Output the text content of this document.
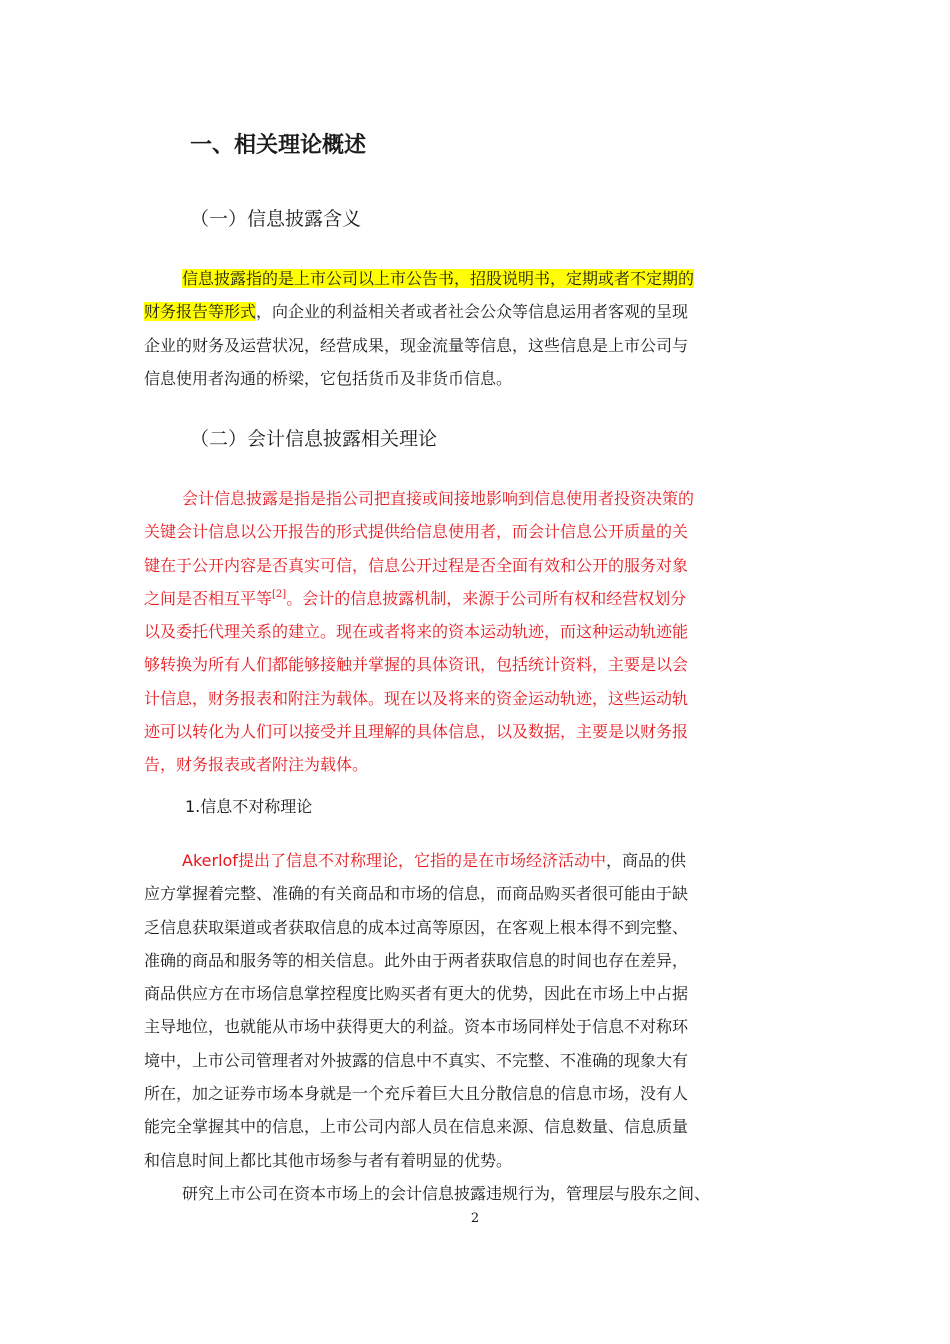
一、相关理论概述
（一）信息披露含义
信息披露指的是上市公司以上市公告书，招股说明书，定期或者不定期的
财务报告等形式，向企业的利益相关者或者社会公众等信息运用者客观的呈现
企业的财务及运营状况，经营成果，现金流量等信息，这些信息是上市公司与
信息使用者沟通的桥梁，它包括货币及非货币信息。
（二）会计信息披露相关理论
会计信息披露是指是指公司把直接或间接地影响到信息使用者投资决策的
关键会计信息以公开报告的形式提供给信息使用者，而会计信息公开质量的关
键在于公开内容是否真实可信，信息公开过程是否全面有效和公开的服务对象
之间是否相互平等[2]。会计的信息披露机制，来源于公司所有权和经营权划分
以及委托代理关系的建立。现在或者将来的资本运动轨迹，而这种运动轨迹能
够转换为所有人们都能够接触并掌握的具体资讯，包括统计资料，主要是以会
计信息，财务报表和附注为载体。现在以及将来的资金运动轨迹，这些运动轨
迹可以转化为人们可以接受并且理解的具体信息，以及数据，主要是以财务报
告，财务报表或者附注为载体。
1.信息不对称理论
Akerlof提出了信息不对称理论，它指的是在市场经济活动中，商品的供
应方掌握着完整、准确的有关商品和市场的信息，而商品购买者很可能由于缺
乏信息获取渠道或者获取信息的成本过高等原因，在客观上根本得不到完整、
准确的商品和服务等的相关信息。此外由于两者获取信息的时间也存在差异，
商品供应方在市场信息掌控程度比购买者有更大的优势，因此在市场上中占据
主导地位，也就能从市场中获得更大的利益。资本市场同样处于信息不对称环
境中，上市公司管理者对外披露的信息中不真实、不完整、不准确的现象大有
所在，加之证券市场本身就是一个充斥着巨大且分散信息的信息市场，没有人
能完全掌握其中的信息，上市公司内部人员在信息来源、信息数量、信息质量
和信息时间上都比其他市场参与者有着明显的优势。
研究上市公司在资本市场上的会计信息披露违规行为，管理层与股东之间、

2
